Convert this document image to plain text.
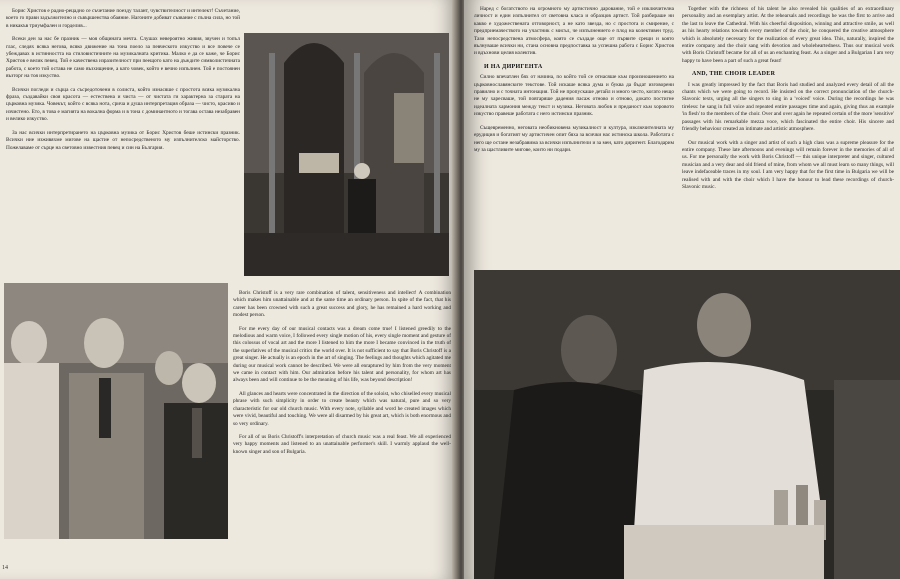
Борис Христов е радио-рецадно се съчетание поезду талант, чувствителност и интелект! Съчетание, което го прави задължително и съвършенства обаяние. Нагоните добиват съзвание с пълна сила, но той в никакъв триумфален и горделив...

Всеки ден за нас бе празник — моя общината мечта. Слушах невероятно живия, звучен и топъл глас, следях всяка негова, всяко движение на тона поело за певческото изкуство и все повече се убеждавах в истинността на стиловистичните на музикалната критика. Малко е да се каже, че Борис Христов е велик певец. Той е качествена изразителност при пеещото като на дъждите символистичната работа, с което той остава не само възхищение, а като човек, който е вечно изпълнен. Той е постоянен възторг на тоя изкуство.

Всички погледи и сърца са съсредоточени в солиста, който изнасяше с простота всяка музикална фраза, създавайки своя красота — естествена и чиста — от чистата ги характерна за старата на църковна музика. Човекът, който с всяка нота, срича и душа интерпретация образа — чисто, красиво и изчистено. Ето, в това е магията на вокална форма и в тона с доминантното и тогава остава незабравен и велико изкуство.

За нас всички интерпретирането на църковна музика от Борис Христов беше истински празник. Всички ние изживяхме мигове на щастие от непосредственото му изпълнителско майсторство. Пожелаваме от сърце на световно известния певец и син на България.

Boris Christoff is a very rare combination of talent, sensitiveness and intellect! A combination which makes him unattainable and at the same time an ordinary person. In spite of the fact, that his career has been crowned with such a great success and glory, he has remained a hard working and modest person.

For me every day of our musical contacts was a dream come true! I listened greedily to the melodious and warm voice, I followed every single motion of his, every single moment and gesture of this colossus of vocal art and the more I listened to him the more I became convinced in the truth of the superlatives of the musical critics the world over. It is not sufficient to say that Boris Christoff is a great singer. He actually is an epoch in the art of singing. The feelings and thoughts which agitated me during our musical work cannot be described. We were all enraptured by him from the very moment we came in contact with him. Our admiration before his talent and personality, for whom art has always been and will continue to be the meaning of his life, was beyond description!

All glances and hearts were concentrated in the direction of the soloist, who chiselled every musical phrase with such simplicity in order to create beauty which was natural, pure and so very characteristic for our old church music. With every note, syllable and word he created images which were vivid, beautiful and touching. We were all disarmed by his great art, which is both enormous and so very ordinary.

For all of us Boris Christoff's interpretation of church music was a real feast. We all experienced very happy moments and listened to an unattainable performer's skill. I warmly applaud the well-known singer and son of Bulgaria.

14

Наред с богатството на огромното му артистично дарование, той е изключителна личност и един изпълнител от световна класа и образцов артист. Той разбираше ни какво е художествената отговорност, а не като звезда, но с простота и смирение, с предприемачеството на участник с мисъл, че изпълнението е плод на колективен труд. Тази непосредствена атмосфера, която се създаде още от първите срещи и която вълнуваше всички ни, стана основна предпоставка за успешна работа с Борис Христов и вдъхнови целия колектив.

И НА ДИРИГЕНТА

Силно впечатлен бях от начина, по който той се отнасяше към произношението на църковнославянските текстове. Той искаше всяка дума и буква да бъдат изговорени правилно и с точната интонация. Той не пропускаше детайл и много често, когато нещо не му харесваше, той повтаряше дадения пасаж отново и отново, докато постигне идеалната хармония между текст и музика. Неговата любов и преданост към хоровото изкуство правеше работата с него истински празник.

Същевременно, неговата необикновена музикалност и култура, изключителната му ерудиция и богатият му артистичен опит бяха за всички нас истинска школа. Работата с него ще остане незабравима за всички изпълнители и за мен, като диригент. Благодарим му за щастливите мигове, които ни подари.

Together with the richness of his talent he also revealed his qualities of an extraordinary personality and an exemplary artist. At the rehearsals and recordings he was the first to arrive and the last to leave the Cathedral. With his cheerful disposition, winning and attractive smile, as well as his hearty relations towards every member of the choir, he conquered the creative atmosphere which is absolutely necessary for the realization of every great idea. This, naturally, inspired the entire company and the choir sang with devotion and wholeheartedness. Thus our musical work with Boris Christoff became for all of us an enchanting feast. As a singer and a Bulgarian I am very happy to have been a part of such a great feast!

AND, THE CHOIR LEADER

I was greatly impressed by the fact that Boris had studied and analyzed every detail of all the chants which we were going to record. He insisted on the correct pronunciation of the church-Slavonic texts, urging all the singers to sing in a 'voiced' voice. During the recordings he was tireless: he sang in full voice and repeated entire passages time and again, giving thus an example 'in flesh' to the members of the choir. Over and over again he repeated certain of the more 'sensitive' passages with his remarkable mezza voce, which fascinated the entire choir. His sincere and friendly behaviour created an intimate and artistic atmosphere.

Our musical work with a singer and artist of such a high class was a supreme pleasure for the entire company. These late afternoons and evenings will remain forever in the memories of all of us. For me personally the work with Boris Christoff — this unique interpreter and singer, cultured musician and a very dear and old friend of mine, from whom we all must learn so many things, will leave indefaceable traces in my soul. I am very happy that for the first time in Bulgaria we will be realised with and with the choir which I have the honour to lead these recordings of church-Slavonic music.
